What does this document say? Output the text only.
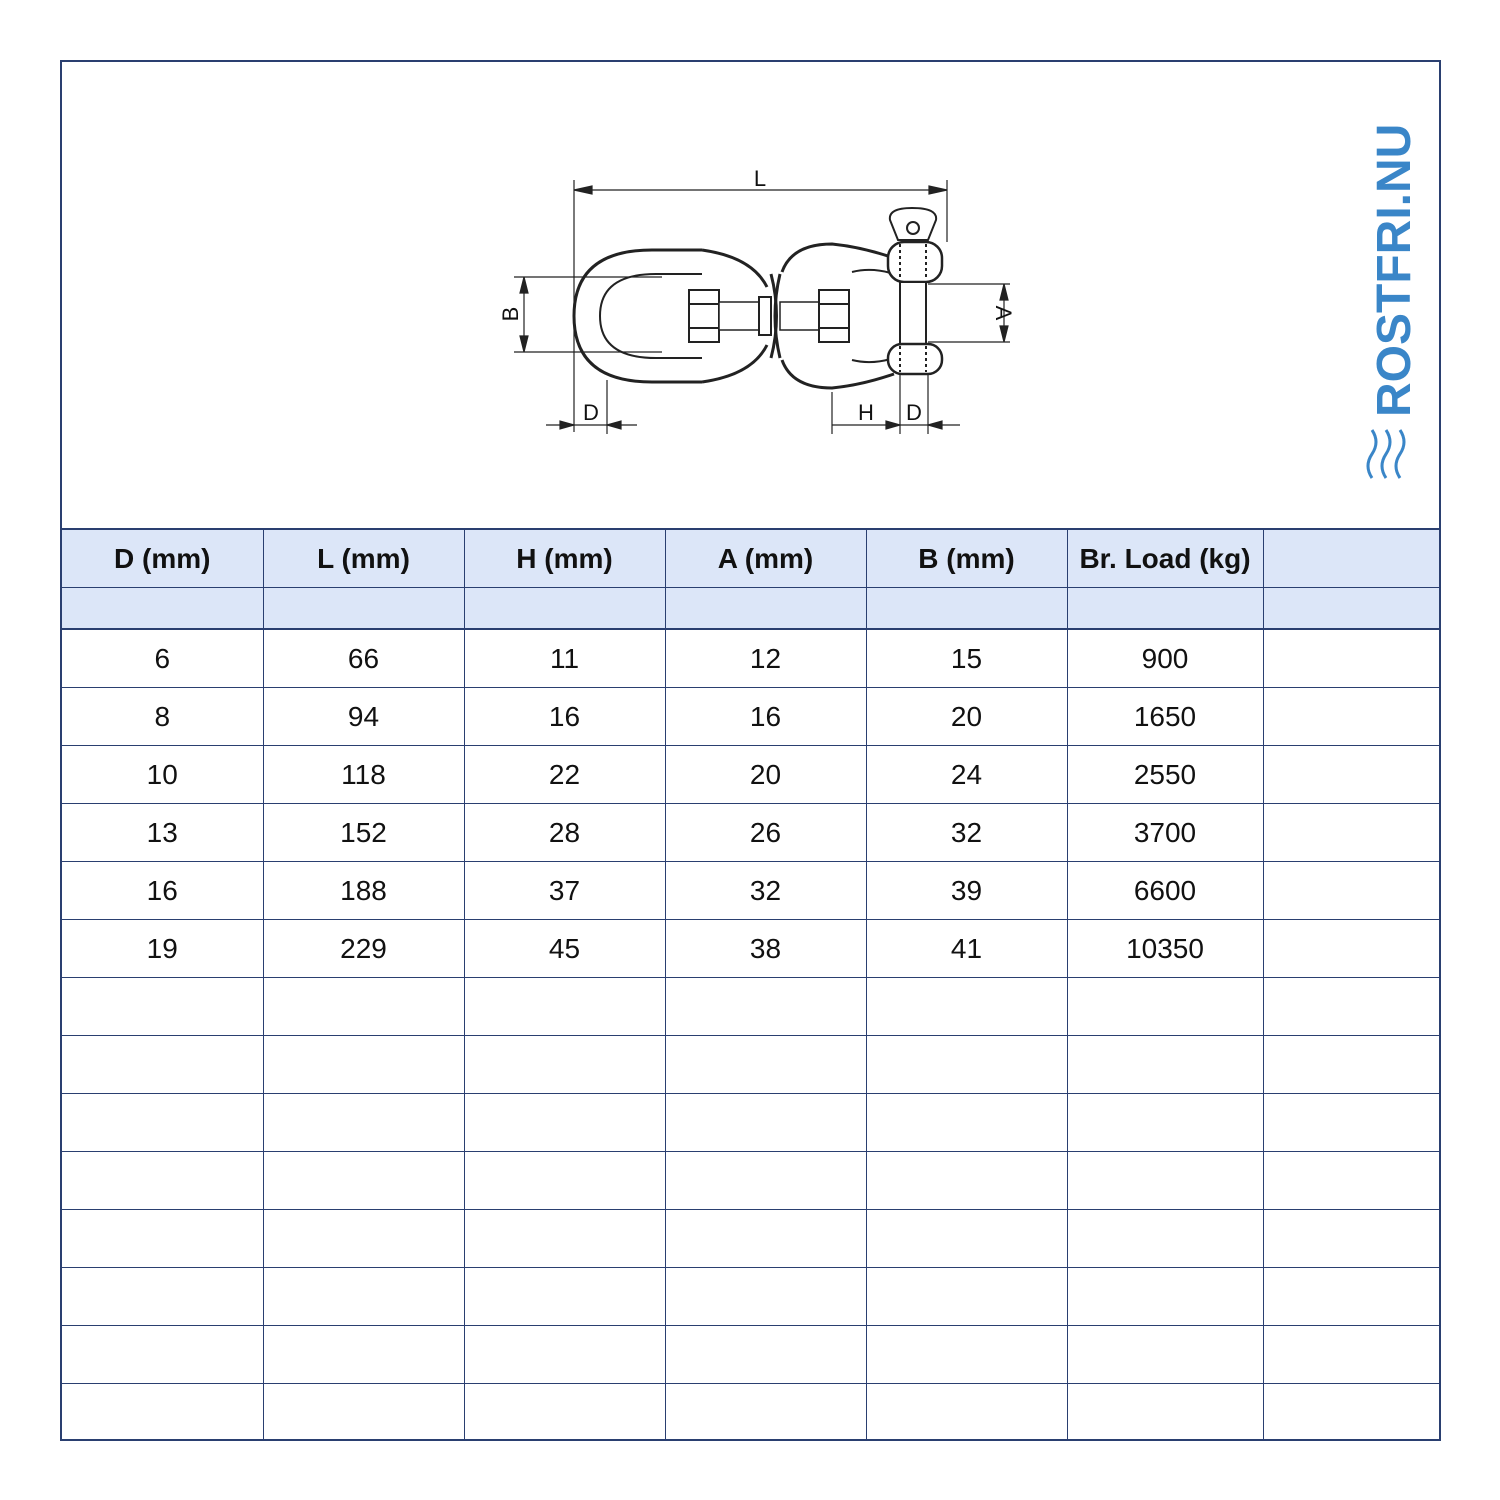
L
B	A
D	H D	ROSTFRI.NU
D (mm)	L (mm)	H (mm)	A (mm)	B (mm)	Br. Load (kg)	

6	66	11	12	15	900	
8	94	16	16	20	1650	
10	118	22	20	24	2550	
13	152	28	26	32	3700	
16	188	37	32	39	6600	
19	229	45	38	41	10350	
